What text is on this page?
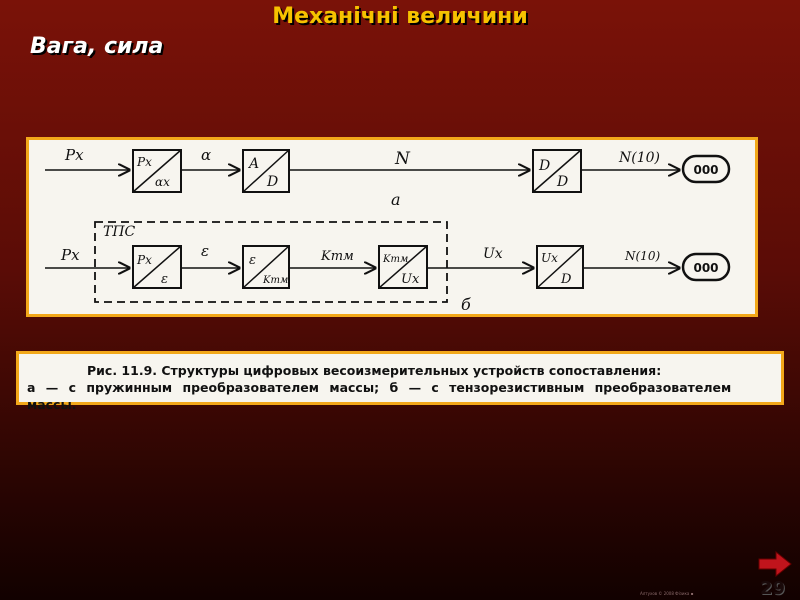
Механічні величини
Вага, сила
Px	Px
αx
α	A
D
N
а
D
D
N(10)
000
ТПС
Px	Px
ε
ε
ε
Kтм
Kтм	Kтм
Ux
Ux	Ux
D
N(10)
000
б
Рис. 11.9. Структуры цифровых весоизмерительных устройств сопоставления:
а — с пружинным преобразователем массы; б — с тензорезистивным преобразователем массы.
29
Алтухов © 2008 Фізика ▪
